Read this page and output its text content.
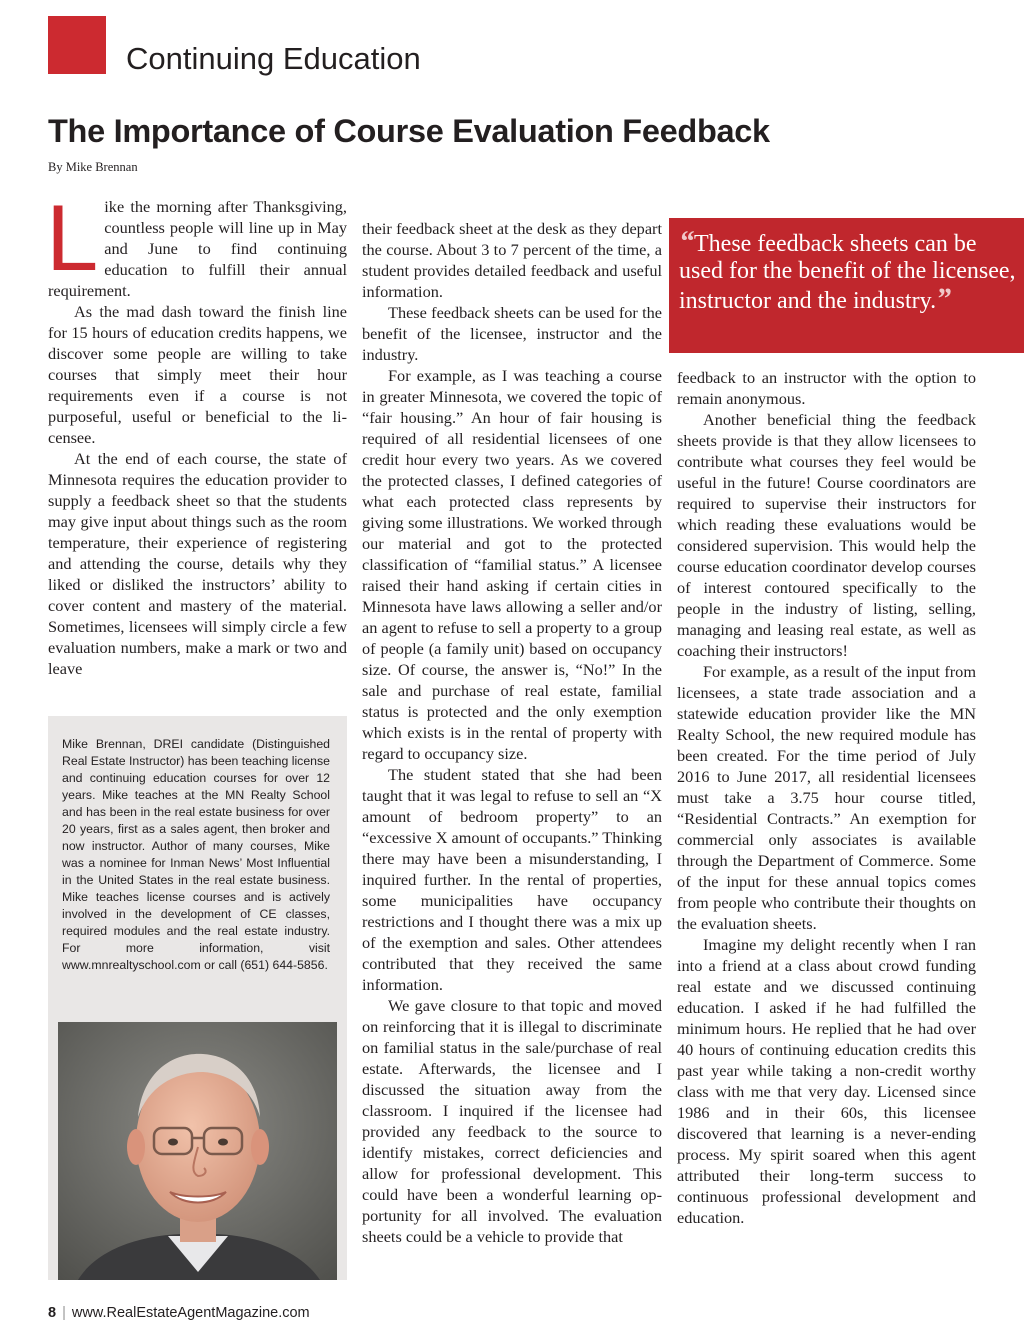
Continuing Education
The Importance of Course Evaluation Feedback

By Mike Brennan

Like the morning after Thanksgiving, countless people will line up in May and June to find continuing education to fulfill their annual requirement.

As the mad dash toward the finish line for 15 hours of education credits happens, we discover some people are willing to take courses that simply meet their hour requirements even if a course is not purposeful, useful or beneficial to the licensee.

At the end of each course, the state of Minnesota requires the education provider to supply a feedback sheet so that the students may give input about things such as the room temperature, their experience of registering and attending the course, details why they liked or disliked the instructors’ ability to cover content and mastery of the material. Sometimes, licensees will simply circle a few evaluation numbers, make a mark or two and leave

their feedback sheet at the desk as they depart the course. About 3 to 7 percent of the time, a student provides detailed feedback and useful information.

These feedback sheets can be used for the benefit of the licensee, instructor and the industry.

For example, as I was teaching a course in greater Minnesota, we covered the topic of “fair housing.” An hour of fair housing is required of all residential licensees of one credit hour every two years. As we covered the protected classes, I defined categories of what each protected class represents by giving some illustrations. We worked through our material and got to the protected classification of “familial status.” A licensee raised their hand asking if certain cities in Minnesota have laws allowing a seller and/or an agent to refuse to sell a property to a group of people (a family unit) based on occupancy size. Of course, the answer is, “No!” In the sale and purchase of real estate, familial status is protected and the only exemption which exists is in the rental of property with regard to occupancy size.

The student stated that she had been taught that it was legal to refuse to sell an “X amount of bedroom property” to an “excessive X amount of occupants.” Thinking there may have been a misunderstanding, I inquired further. In the rental of properties, some municipalities have occupancy restrictions and I thought there was a mix up of the exemption and sales. Other attendees contributed that they received the same information.

We gave closure to that topic and moved on reinforcing that it is illegal to discriminate on familial status in the sale/purchase of real estate. Afterwards, the licensee and I discussed the situation away from the classroom. I inquired if the licensee had provided any feedback to the source to identify mistakes, correct deficiencies and allow for professional development. This could have been a wonderful learning opportunity for all involved. The evaluation sheets could be a vehicle to provide that

“These feedback sheets can be used for the benefit of the licensee, instructor and the industry.”

feedback to an instructor with the option to remain anonymous.

Another beneficial thing the feedback sheets provide is that they allow licensees to contribute what courses they feel would be useful in the future! Course coordinators are required to supervise their instructors for which reading these evaluations would be considered supervision. This would help the course education coordinator develop courses of interest contoured specifically to the people in the industry of listing, selling, managing and leasing real estate, as well as coaching their instructors!

For example, as a result of the input from licensees, a state trade association and a statewide education provider like the MN Realty School, the new required module has been created. For the time period of July 2016 to June 2017, all residential licensees must take a 3.75 hour course titled, “Residential Contracts.” An exemption for commercial only associates is available through the Department of Commerce. Some of the input for these annual topics comes from people who contribute their thoughts on the evaluation sheets.

Imagine my delight recently when I ran into a friend at a class about crowd funding real estate and we discussed continuing education. I asked if he had fulfilled the minimum hours. He replied that he had over 40 hours of continuing education credits this past year while taking a non-credit worthy class with me that very day. Licensed since 1986 and in their 60s, this licensee discovered that learning is a never-ending process. My spirit soared when this agent attributed their long-term success to continuous professional development and education.

Mike Brennan, DREI candidate (Distinguished Real Estate Instructor) has been teaching license and continuing education courses for over 12 years. Mike teaches at the MN Realty School and has been in the real estate business for over 20 years, first as a sales agent, then broker and now instructor. Author of many courses, Mike was a nominee for Inman News’ Most Influential in the United States in the real estate business. Mike teaches license courses and is actively involved in the development of CE classes, required modules and the real estate industry. For more information, visit www.mnrealtyschool.com or call (651) 644-5856.

8 | www.RealEstateAgentMagazine.com
